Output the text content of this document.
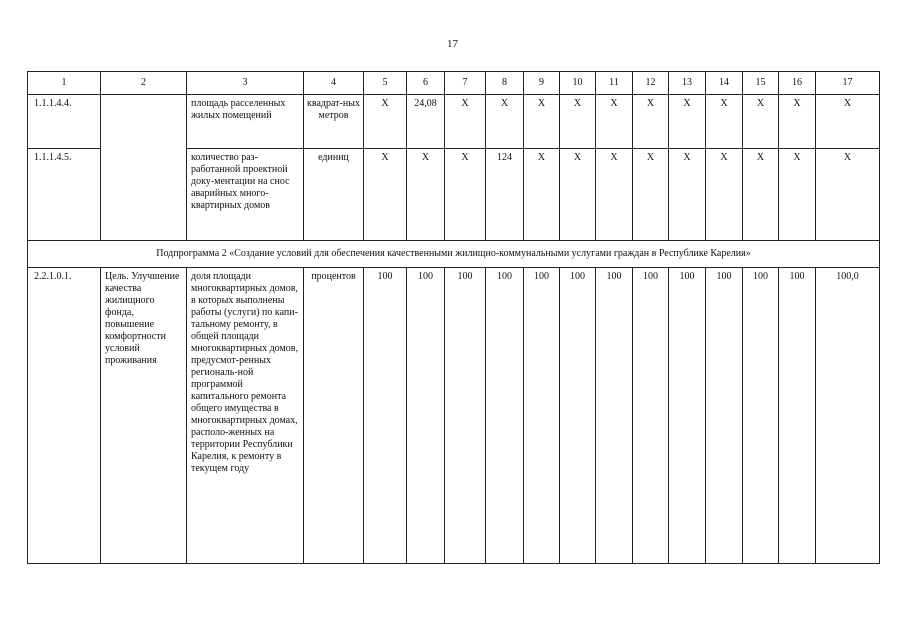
17
1	2	3	4	5	6	7	8	9	10	11	12	13	14	15	16	17
1.1.1.4.4.		площадь расселенных жилых помещений	квадрат-ных метров	X	24,08	X	X	X	X	X	X	X	X	X	X	X
1.1.1.4.5.		количество раз-работанной проектной доку-ментации на снос аварийных много-квартирных домов	единиц	X	X	X	124	X	X	X	X	X	X	X	X	X
Подпрограмма 2 «Создание условий для обеспечения качественными жилищно-коммунальными услугами граждан в Республике Карелия»																
2.2.1.0.1.	Цель. Улучшение качества жилищного фонда, повышение комфортности условий проживания	доля площади многоквартирных домов, в которых выполнены работы (услуги) по капи-тальному ремонту, в общей площади многоквартирных домов, предусмот-ренных региональ-ной программой капитального ремонта общего имущества в многоквартирных домах, располо-женных на территории Республики Карелия, к ремонту в текущем году	процентов	100	100	100	100	100	100	100	100	100	100	100	100	100,0
